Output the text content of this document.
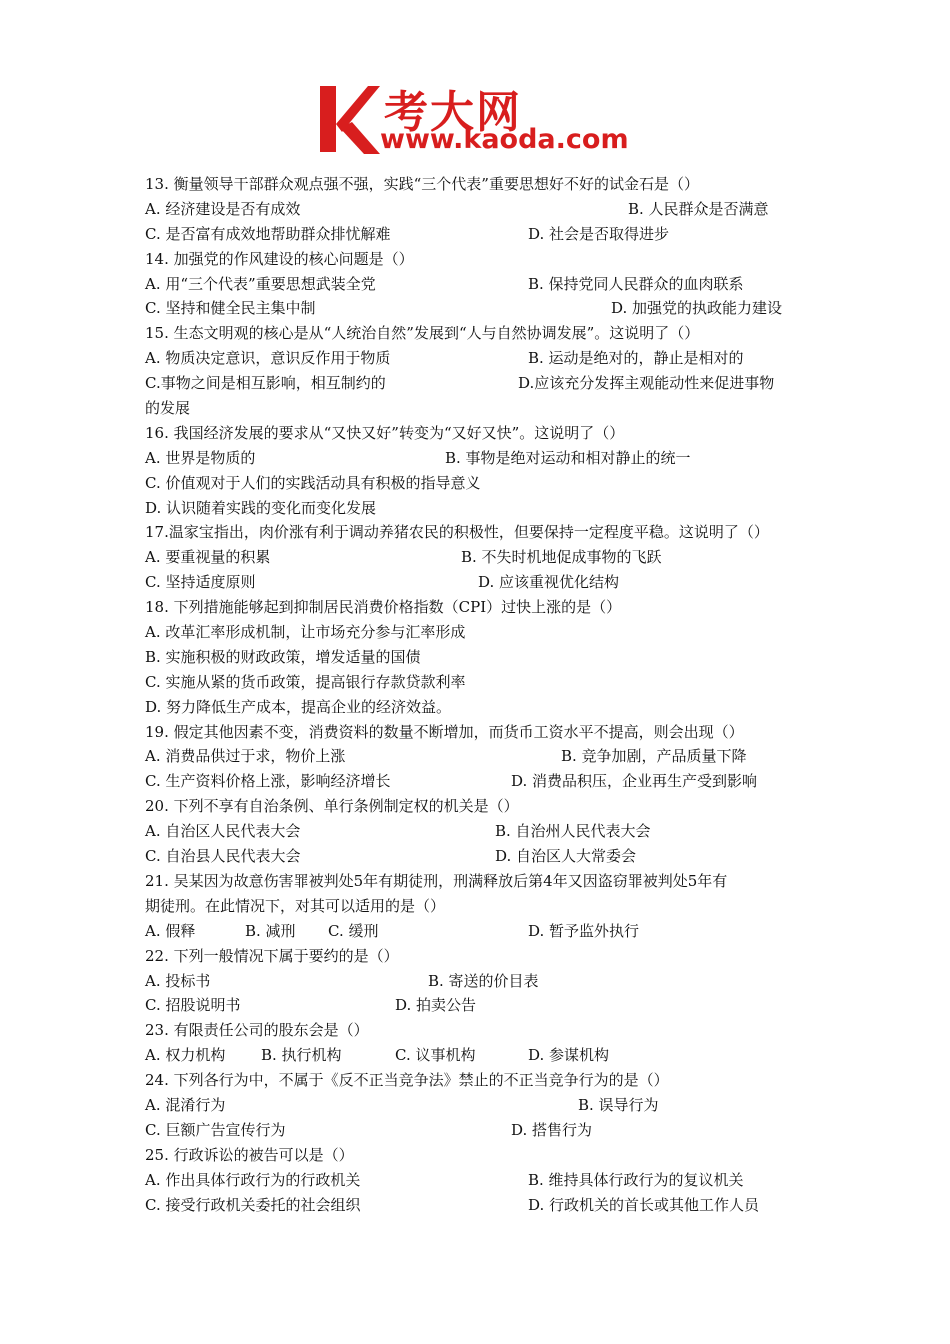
考大网
www.kaoda.com
13. 衡量领导干部群众观点强不强，实践“三个代表”重要思想好不好的试金石是（）
A. 经济建设是否有成效	B. 人民群众是否满意
C. 是否富有成效地帮助群众排忧解难	D. 社会是否取得进步
14. 加强党的作风建设的核心问题是（）
A. 用“三个代表”重要思想武装全党	B. 保持党同人民群众的血肉联系
C. 坚持和健全民主集中制	D. 加强党的执政能力建设
15. 生态文明观的核心是从“人统治自然”发展到“人与自然协调发展”。这说明了（）
A. 物质决定意识，意识反作用于物质	B. 运动是绝对的，静止是相对的
C.事物之间是相互影响，相互制约的	D.应该充分发挥主观能动性来促进事物
的发展
16. 我国经济发展的要求从“又快又好”转变为“又好又快”。这说明了（）
A. 世界是物质的	B. 事物是绝对运动和相对静止的统一
C. 价值观对于人们的实践活动具有积极的指导意义
D. 认识随着实践的变化而变化发展
17.温家宝指出，肉价涨有利于调动养猪农民的积极性，但要保持一定程度平稳。这说明了（）
A. 要重视量的积累	B. 不失时机地促成事物的飞跃
C. 坚持适度原则	D. 应该重视优化结构
18. 下列措施能够起到抑制居民消费价格指数（CPI）过快上涨的是（）
A. 改革汇率形成机制，让市场充分参与汇率形成
B. 实施积极的财政政策，增发适量的国债
C. 实施从紧的货币政策，提高银行存款贷款利率
D. 努力降低生产成本，提高企业的经济效益。
19. 假定其他因素不变，消费资料的数量不断增加，而货币工资水平不提高，则会出现（）
A. 消费品供过于求，物价上涨	B. 竞争加剧，产品质量下降
C. 生产资料价格上涨，影响经济增长	D. 消费品积压，企业再生产受到影响
20. 下列不享有自治条例、单行条例制定权的机关是（）
A. 自治区人民代表大会	B. 自治州人民代表大会
C. 自治县人民代表大会	D. 自治区人大常委会
21. 吴某因为故意伤害罪被判处5年有期徒刑，刑满释放后第4年又因盗窃罪被判处5年有
期徒刑。在此情况下，对其可以适用的是（）
A. 假释	B. 减刑 C. 缓刑	D. 暂予监外执行
22. 下列一般情况下属于要约的是（）
A. 投标书	B. 寄送的价目表
C. 招股说明书	D. 拍卖公告
23. 有限责任公司的股东会是（）
A. 权力机构 B. 执行机构	C. 议事机构	D. 参谋机构
24. 下列各行为中，不属于《反不正当竞争法》禁止的不正当竞争行为的是（）
A. 混淆行为	B. 误导行为
C. 巨额广告宣传行为	D. 搭售行为
25. 行政诉讼的被告可以是（）
A. 作出具体行政行为的行政机关	B. 维持具体行政行为的复议机关
C. 接受行政机关委托的社会组织	D. 行政机关的首长或其他工作人员
